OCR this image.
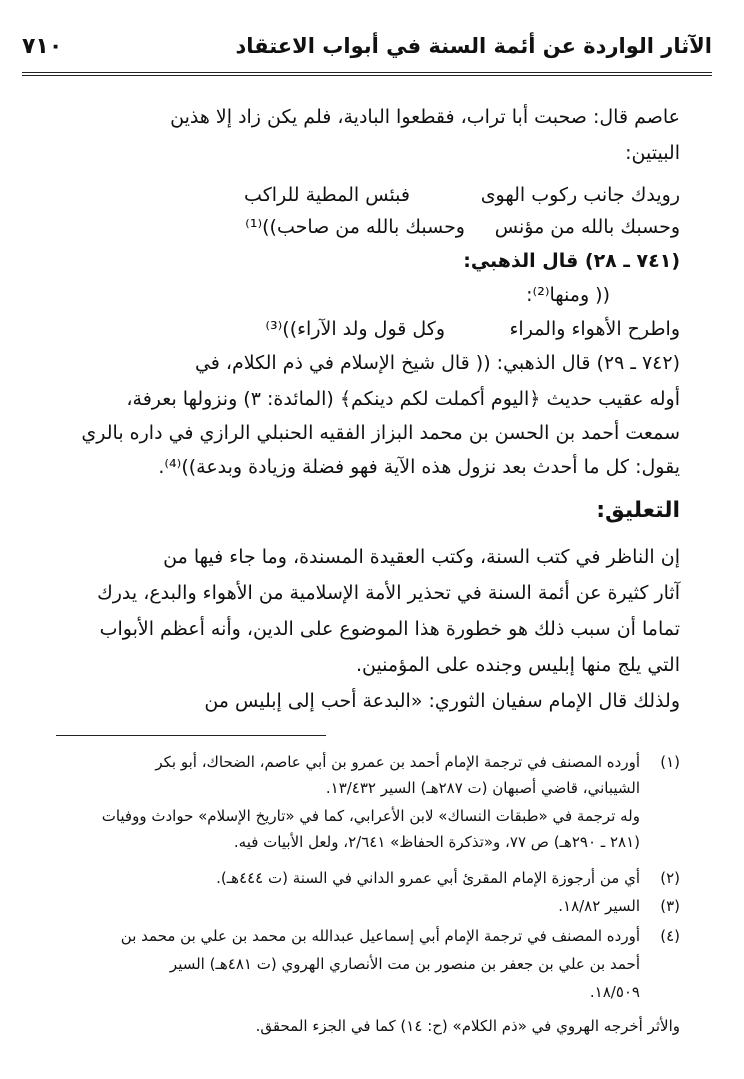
الآثار الواردة عن أئمة السنة في أبواب الاعتقاد
٧١٠
عاصم قال: صحبت أبا تراب، فقطعوا البادية، فلم يكن زاد إلا هذين
البيتين:
رويدك جانب ركوب الهوى
فبئس المطية للراكب
وحسبك بالله من مؤنس
وحسبك بالله من صاحب))⁽¹⁾
(٧٤١ ـ ٢٨) قال الذهبي:
(( ومنها⁽²⁾:
واطرح الأهواء والمراء
وكل قول ولد الآراء))⁽³⁾
(٧٤٢ ـ ٢٩) قال الذهبي: (( قال شيخ الإسلام في ذم الكلام، في
أوله عقيب حديث ﴿اليوم أكملت لكم دينكم﴾ (المائدة: ٣) ونزولها بعرفة،
سمعت أحمد بن الحسن بن محمد البزاز الفقيه الحنبلي الرازي في داره بالري
يقول: كل ما أحدث بعد نزول هذه الآية فهو فضلة وزيادة وبدعة))⁽⁴⁾.
التعليق:
إن الناظر في كتب السنة، وكتب العقيدة المسندة، وما جاء فيها من
آثار كثيرة عن أئمة السنة في تحذير الأمة الإسلامية من الأهواء والبدع، يدرك
تماما أن سبب ذلك هو خطورة هذا الموضوع على الدين، وأنه أعظم الأبواب
التي يلج منها إبليس وجنده على المؤمنين.
ولذلك قال الإمام سفيان الثوري: «البدعة أحب إلى إبليس من
(١)
أورده المصنف في ترجمة الإمام أحمد بن عمرو بن أبي عاصم، الضحاك، أبو بكر
الشيباني، قاضي أصبهان (ت ٢٨٧هـ) السير ١٣/٤٣٢.
وله ترجمة في «طبقات النساك» لابن الأعرابي، كما في «تاريخ الإسلام» حوادث ووفيات
(٢٨١ ـ ٢٩٠هـ) ص ٧٧، و«تذكرة الحفاظ» ٢/٦٤١، ولعل الأبيات فيه.
(٢)
أي من أرجوزة الإمام المقرئ أبي عمرو الداني في السنة (ت ٤٤٤هـ).
(٣)
السير ١٨/٨٢.
(٤)
أورده المصنف في ترجمة الإمام أبي إسماعيل عبدالله بن محمد بن علي بن محمد بن
أحمد بن علي بن جعفر بن منصور بن مت الأنصاري الهروي (ت ٤٨١هـ) السير
١٨/٥٠٩.
والأثر أخرجه الهروي في «ذم الكلام» (ح: ١٤) كما في الجزء المحقق.
